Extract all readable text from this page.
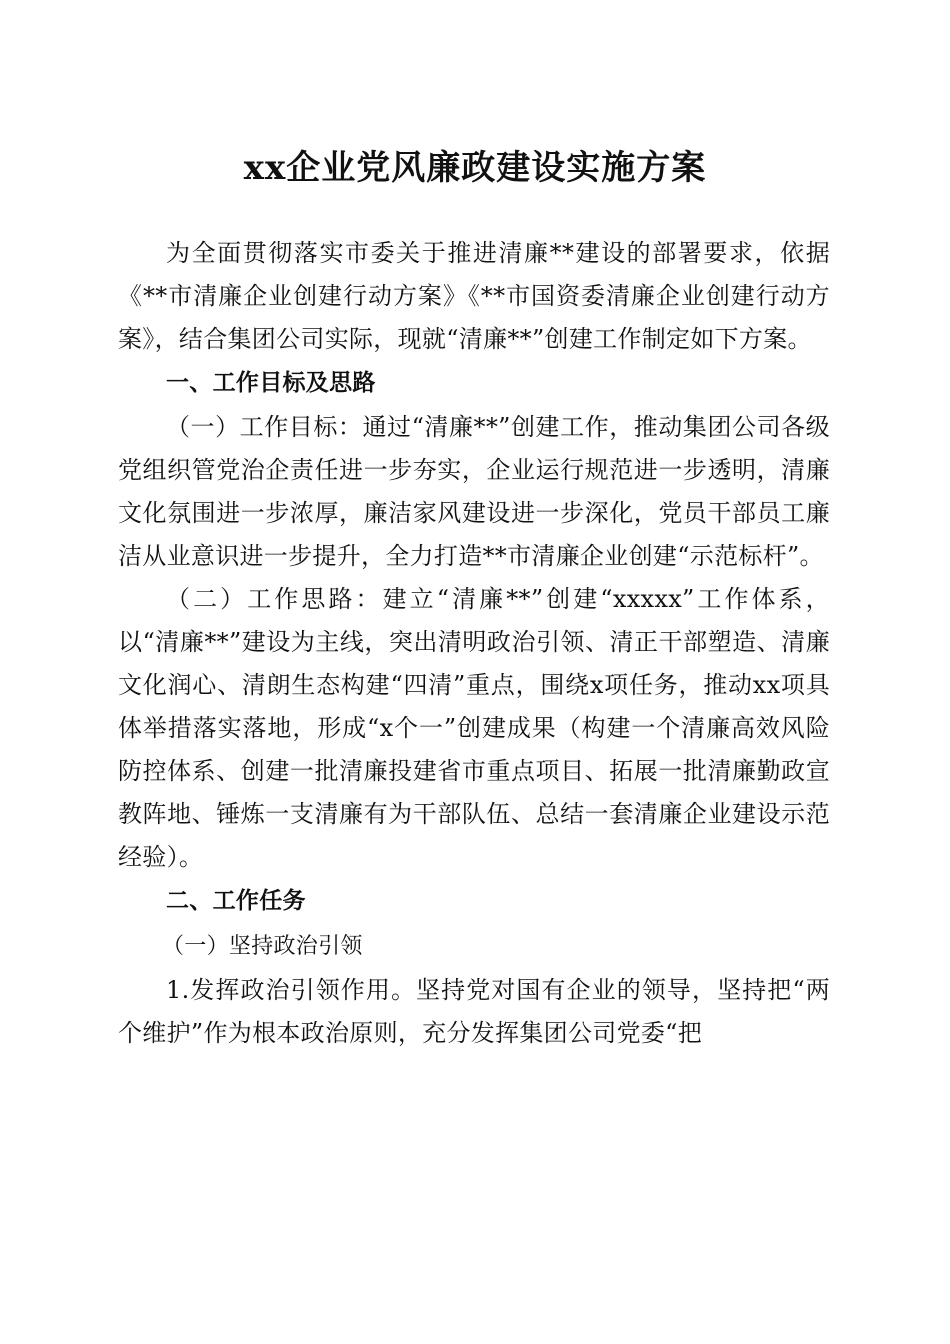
xx企业党风廉政建设实施方案

为全面贯彻落实市委关于推进清廉**建设的部署要求，依据《**市清廉企业创建行动方案》《**市国资委清廉企业创建行动方案》，结合集团公司实际，现就“清廉**”创建工作制定如下方案。

一、工作目标及思路

（一）工作目标：通过“清廉**”创建工作，推动集团公司各级党组织管党治企责任进一步夯实，企业运行规范进一步透明，清廉文化氛围进一步浓厚，廉洁家风建设进一步深化，党员干部员工廉洁从业意识进一步提升，全力打造**市清廉企业创建“示范标杆”。

（二）工作思路：建立“清廉**”创建“xxxxx”工作体系，以“清廉**”建设为主线，突出清明政治引领、清正干部塑造、清廉文化润心、清朗生态构建“四清”重点，围绕x项任务，推动xx项具体举措落实落地，形成“x个一”创建成果（构建一个清廉高效风险防控体系、创建一批清廉投建省市重点项目、拓展一批清廉勤政宣教阵地、锤炼一支清廉有为干部队伍、总结一套清廉企业建设示范经验）。

二、工作任务

（一）坚持政治引领

1.发挥政治引领作用。坚持党对国有企业的领导，坚持把“两个维护”作为根本政治原则，充分发挥集团公司党委“把
